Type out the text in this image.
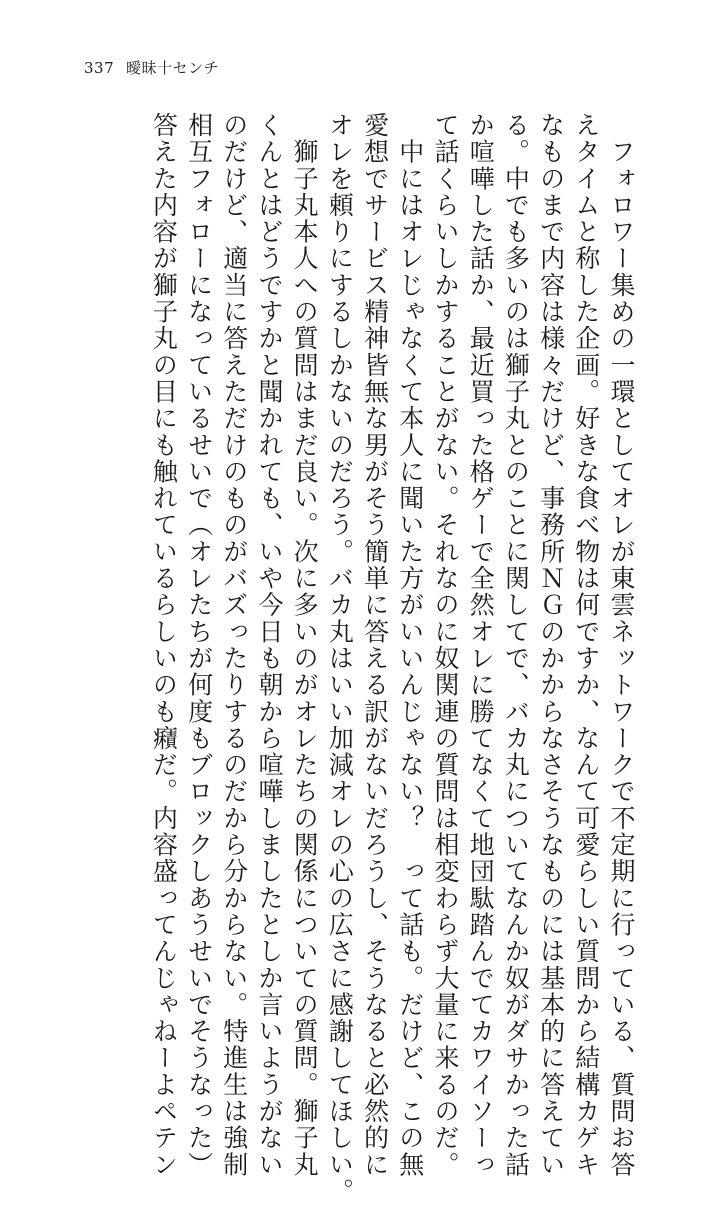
337 曖昧十センチ
　フォロワー集めの一環としてオレが東雲ネットワークで不定期に行っている、質問お答
えタイムと称した企画。好きな食べ物は何ですか、なんて可愛らしい質問から結構カゲキ
なものまで内容は様々だけど、事務所ＮＧのかからなさそうなものには基本的に答えてい
る。中でも多いのは獅子丸とのことに関してで、バカ丸についてなんか奴がダサかった話
か喧嘩した話か、最近買った格ゲーで全然オレに勝てなくて地団駄踏んでてカワイソーっ
て話くらいしかすることがない。それなのに奴関連の質問は相変わらず大量に来るのだ。
　中にはオレじゃなくて本人に聞いた方がいいんじゃない？　って話も。だけど、この無
愛想でサービス精神皆無な男がそう簡単に答える訳がないだろうし、そうなると必然的に
オレを頼りにするしかないのだろう。バカ丸はいい加減オレの心の広さに感謝してほしい。
　獅子丸本人への質問はまだ良い。次に多いのがオレたちの関係についての質問。獅子丸
くんとはどうですかと聞かれても、いや今日も朝から喧嘩しましたとしか言いようがない
のだけど、適当に答えただけのものがバズったりするのだから分からない。特進生は強制
相互フォローになっているせいで（オレたちが何度もブロックしあうせいでそうなった）
答えた内容が獅子丸の目にも触れているらしいのも癪だ。内容盛ってんじゃねーよペテン
